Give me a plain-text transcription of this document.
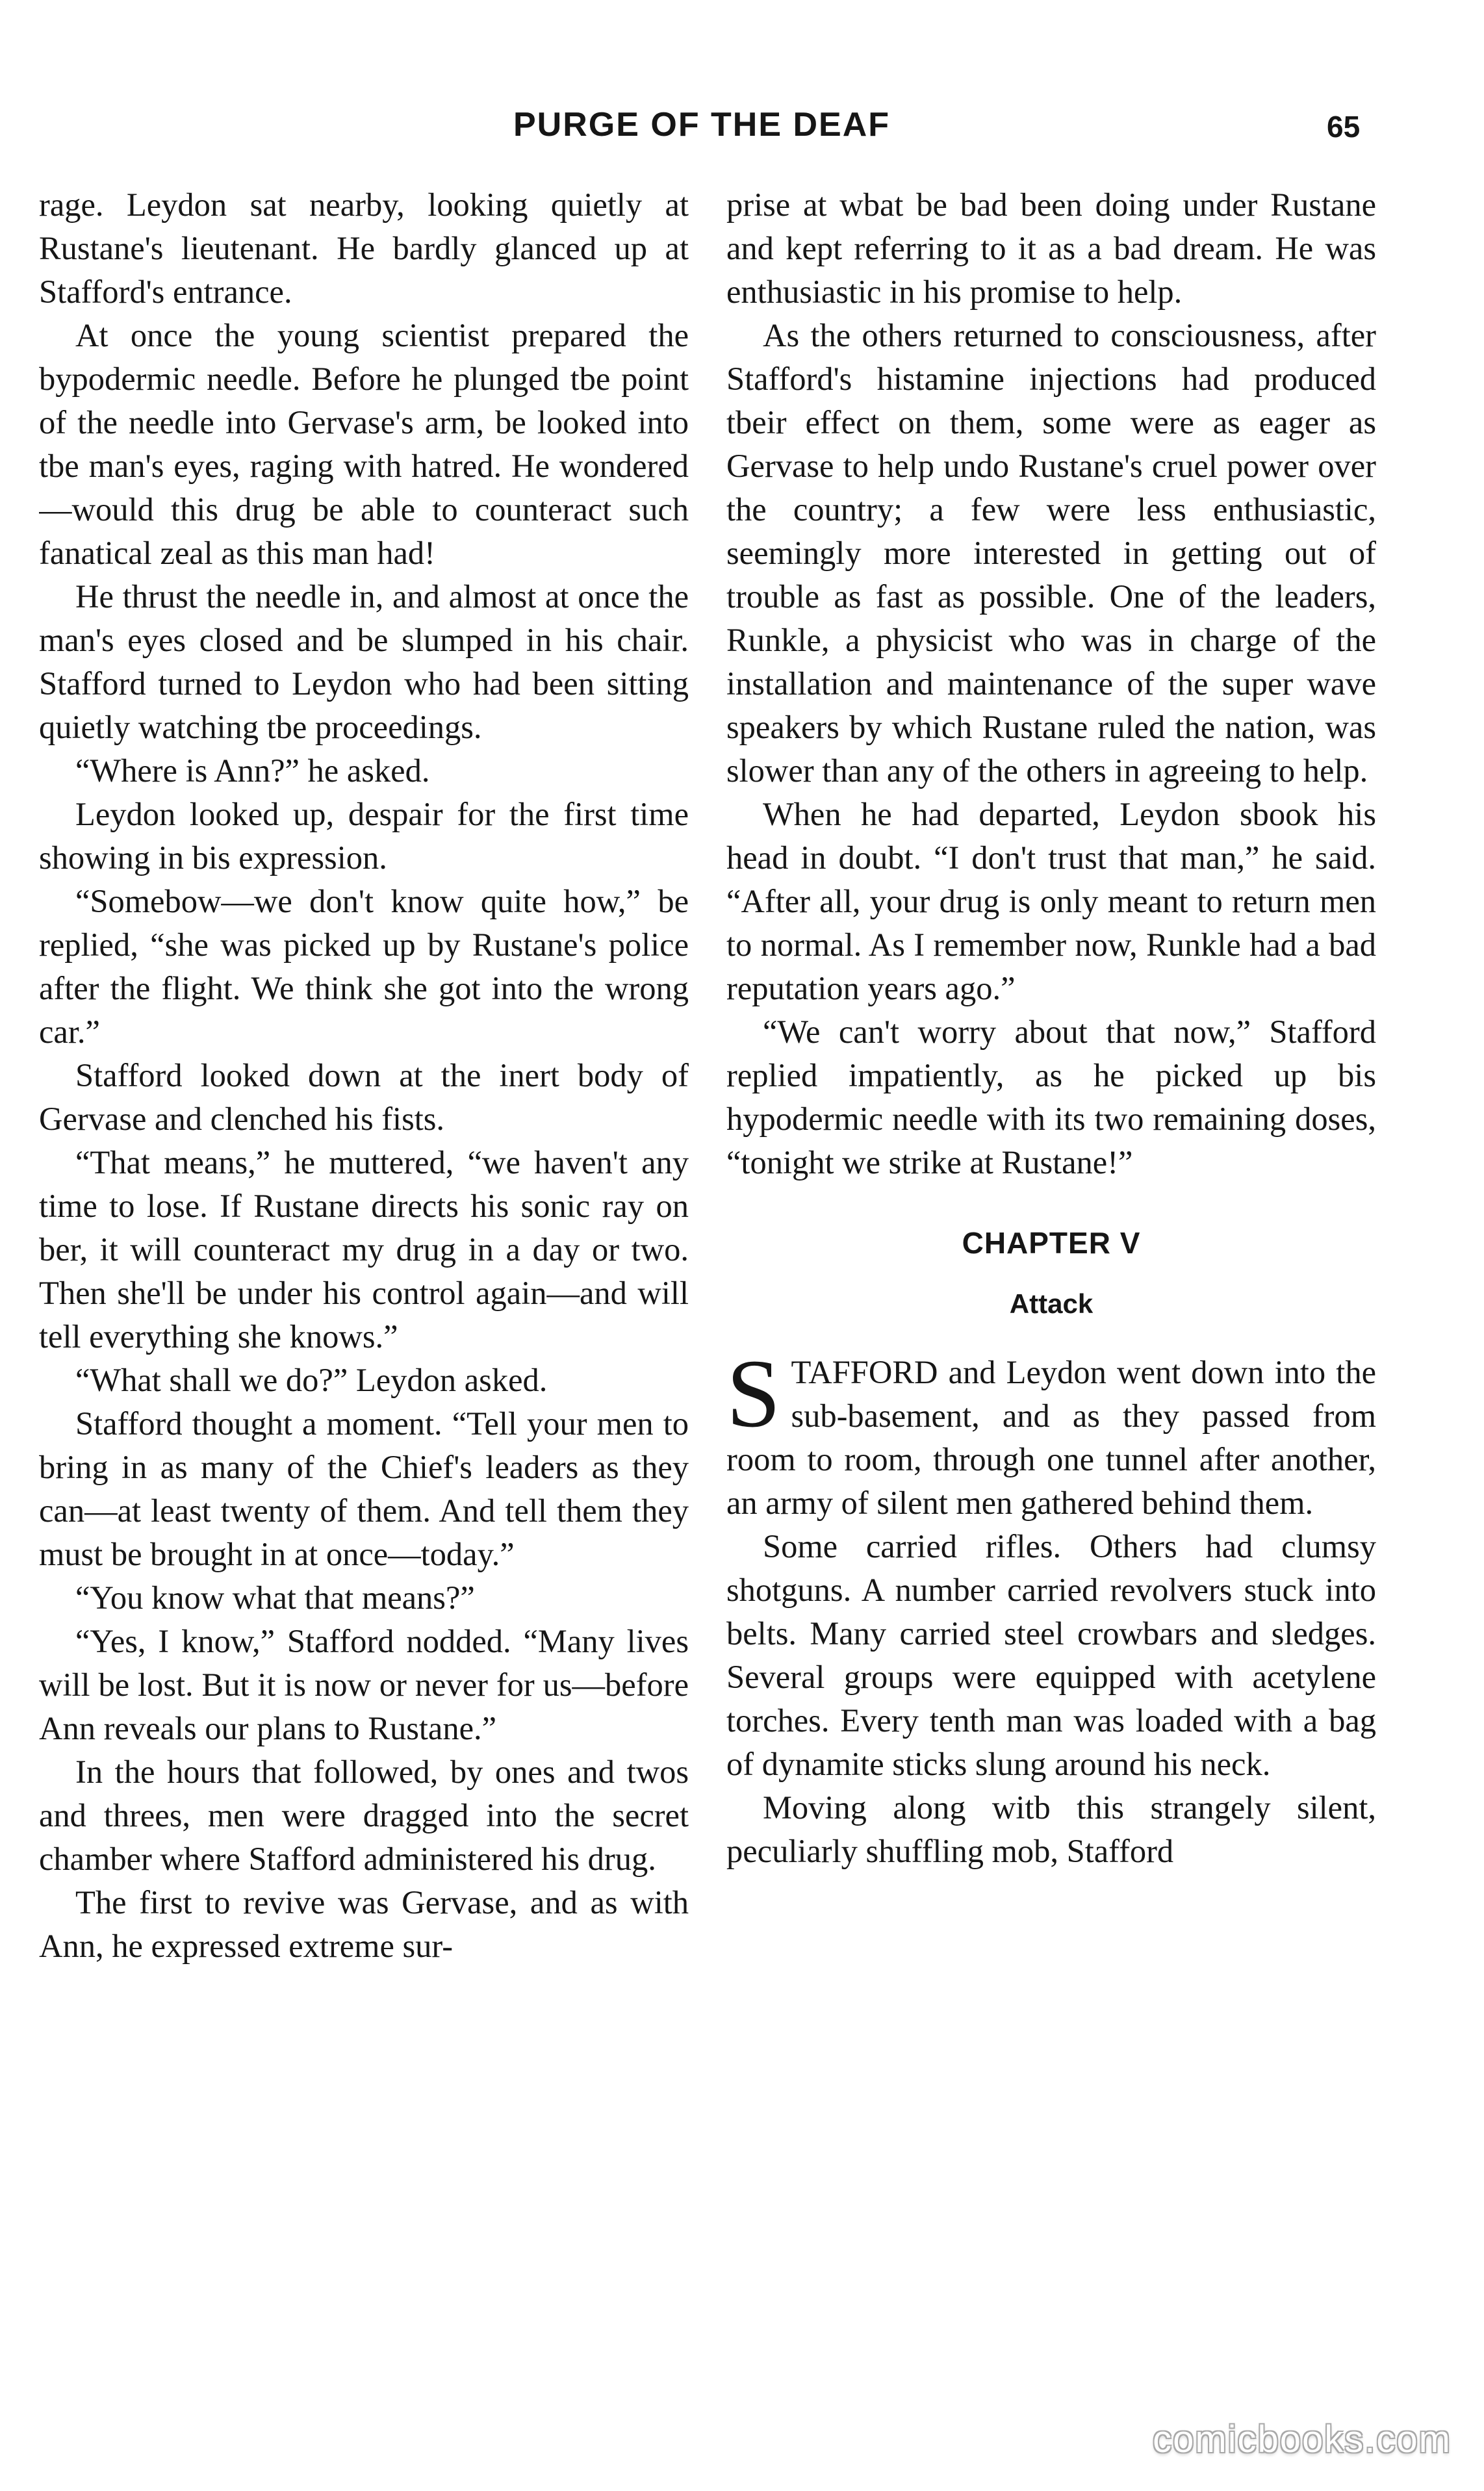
PURGE OF THE DEAF	65

rage. Leydon sat nearby, looking quietly at Rustane's lieutenant. He bardly glanced up at Stafford's entrance.

At once the young scientist prepared the bypodermic needle. Before he plunged tbe point of the needle into Gervase's arm, be looked into tbe man's eyes, raging with hatred. He wondered —would this drug be able to counteract such fanatical zeal as this man had!

He thrust the needle in, and almost at once the man's eyes closed and be slumped in his chair. Stafford turned to Leydon who had been sitting quietly watching tbe proceedings.

“Where is Ann?” he asked.

Leydon looked up, despair for the first time showing in bis expression.

“Somebow—we don't know quite how,” be replied, “she was picked up by Rustane's police after the flight. We think she got into the wrong car.”

Stafford looked down at the inert body of Gervase and clenched his fists.

“That means,” he muttered, “we haven't any time to lose. If Rustane directs his sonic ray on ber, it will counteract my drug in a day or two. Then she'll be under his control again—and will tell everything she knows.”

“What shall we do?” Leydon asked.

Stafford thought a moment. “Tell your men to bring in as many of the Chief's leaders as they can—at least twenty of them. And tell them they must be brought in at once—today.”

“You know what that means?”

“Yes, I know,” Stafford nodded. “Many lives will be lost. But it is now or never for us—before Ann reveals our plans to Rustane.”

In the hours that followed, by ones and twos and threes, men were dragged into the secret chamber where Stafford administered his drug.

The first to revive was Gervase, and as with Ann, he expressed extreme sur-

prise at wbat be bad been doing under Rustane and kept referring to it as a bad dream. He was enthusiastic in his promise to help.

As the others returned to consciousness, after Stafford's histamine injections had produced tbeir effect on them, some were as eager as Gervase to help undo Rustane's cruel power over the country; a few were less enthusiastic, seemingly more interested in getting out of trouble as fast as possible. One of the leaders, Runkle, a physicist who was in charge of the installation and maintenance of the super wave speakers by which Rustane ruled the nation, was slower than any of the others in agreeing to help.

When he had departed, Leydon sbook his head in doubt. “I don't trust that man,” he said. “After all, your drug is only meant to return men to normal. As I remember now, Runkle had a bad reputation years ago.”

“We can't worry about that now,” Stafford replied impatiently, as he picked up bis hypodermic needle with its two remaining doses, “tonight we strike at Rustane!”

CHAPTER V
Attack

STAFFORD and Leydon went down into the sub-basement, and as they passed from room to room, through one tunnel after another, an army of silent men gathered behind them.

Some carried rifles. Others had clumsy shotguns. A number carried revolvers stuck into belts. Many carried steel crowbars and sledges. Several groups were equipped with acetylene torches. Every tenth man was loaded with a bag of dynamite sticks slung around his neck.

Moving along witb this strangely silent, peculiarly shuffling mob, Stafford

comicbooks.com
